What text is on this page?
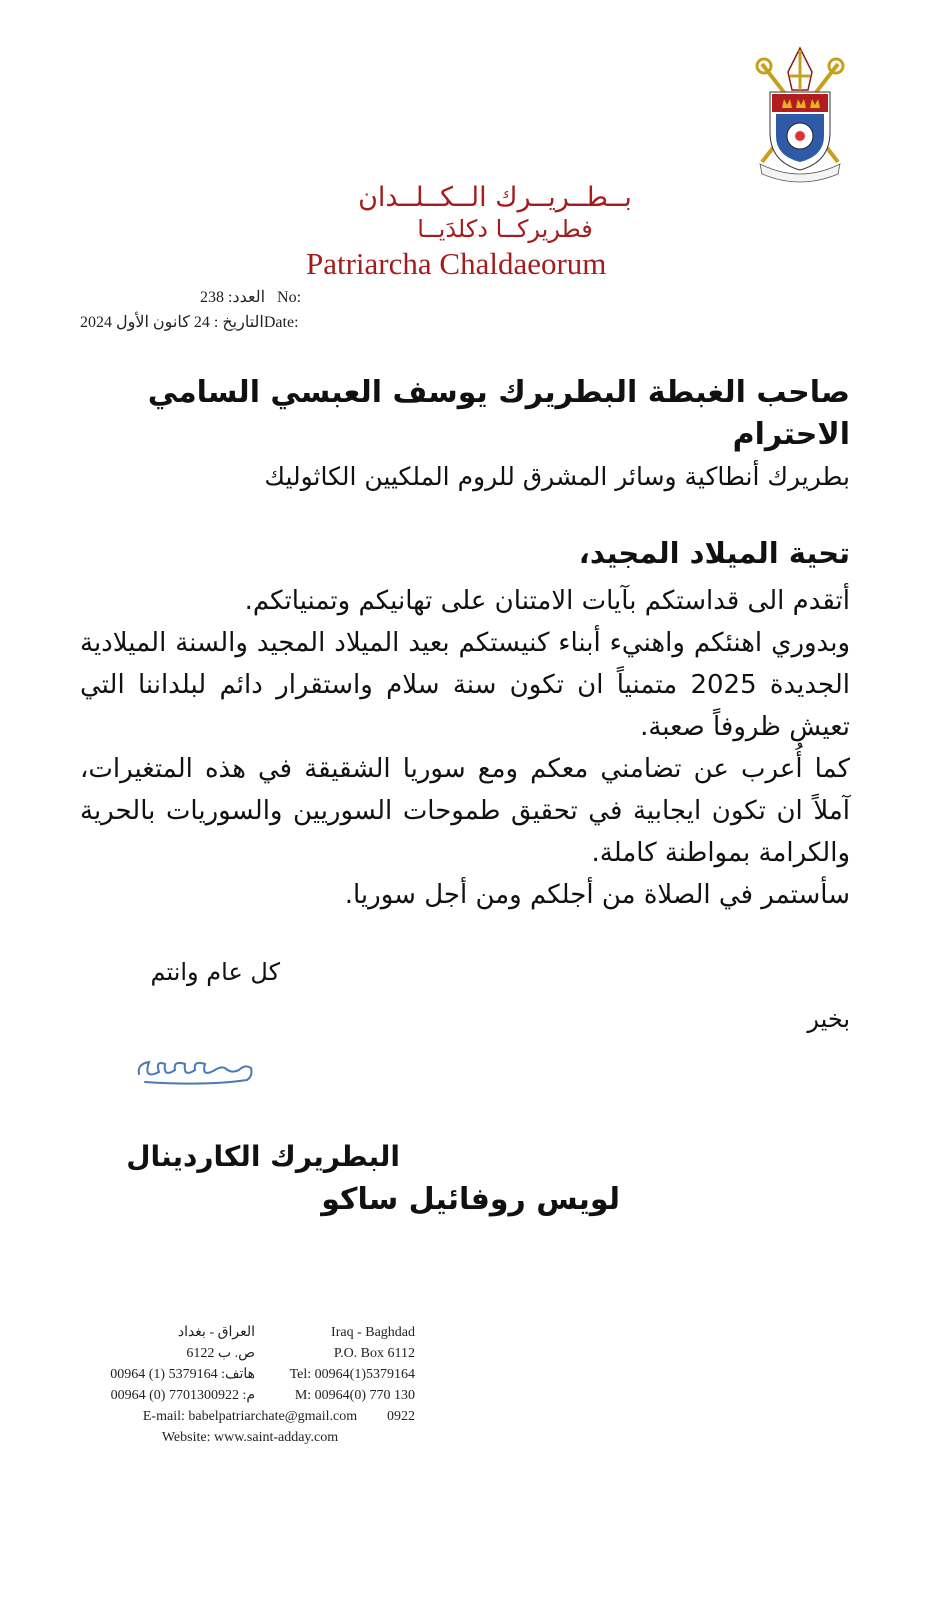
بــطــريــرك الــكــلــدان
فطريركــا دكلدَيــا
Patriarcha Chaldaeorum
:No   العدد: 238
:Dateالتاريخ : 24 كانون الأول 2024
صاحب الغبطة البطريرك يوسف العبسي السامي الاحترام
بطريرك أنطاكية وسائر المشرق للروم الملكيين الكاثوليك
تحية الميلاد المجيد،
أتقدم الى قداستكم بآيات الامتنان على تهانيكم وتمنياتكم.
وبدوري اهنئكم واهنيء أبناء كنيستكم بعيد الميلاد المجيد والسنة الميلادية الجديدة 2025 متمنياً ان تكون سنة سلام واستقرار دائم لبلداننا التي تعيش ظروفاً صعبة.
كما أُعرب عن تضامني معكم ومع سوريا الشقيقة في هذه المتغيرات، آملاً ان تكون ايجابية في تحقيق طموحات السوريين والسوريات بالحرية والكرامة بمواطنة كاملة.
سأستمر في الصلاة من أجلكم ومن أجل سوريا.
كل عام وانتم
بخير
البطريرك الكاردينال
لويس روفائيل ساكو
Iraq - Baghdad
P.O. Box 6112
Tel: 00964(1)5379164
M: 00964(0) 770 130 0922
العراق - بغداد
ص. ب 6122
هاتف: 5379164 (1) 00964
م: 7701300922 (0) 00964
E-mail: babelpatriarchate@gmail.com
Website: www.saint-adday.com
